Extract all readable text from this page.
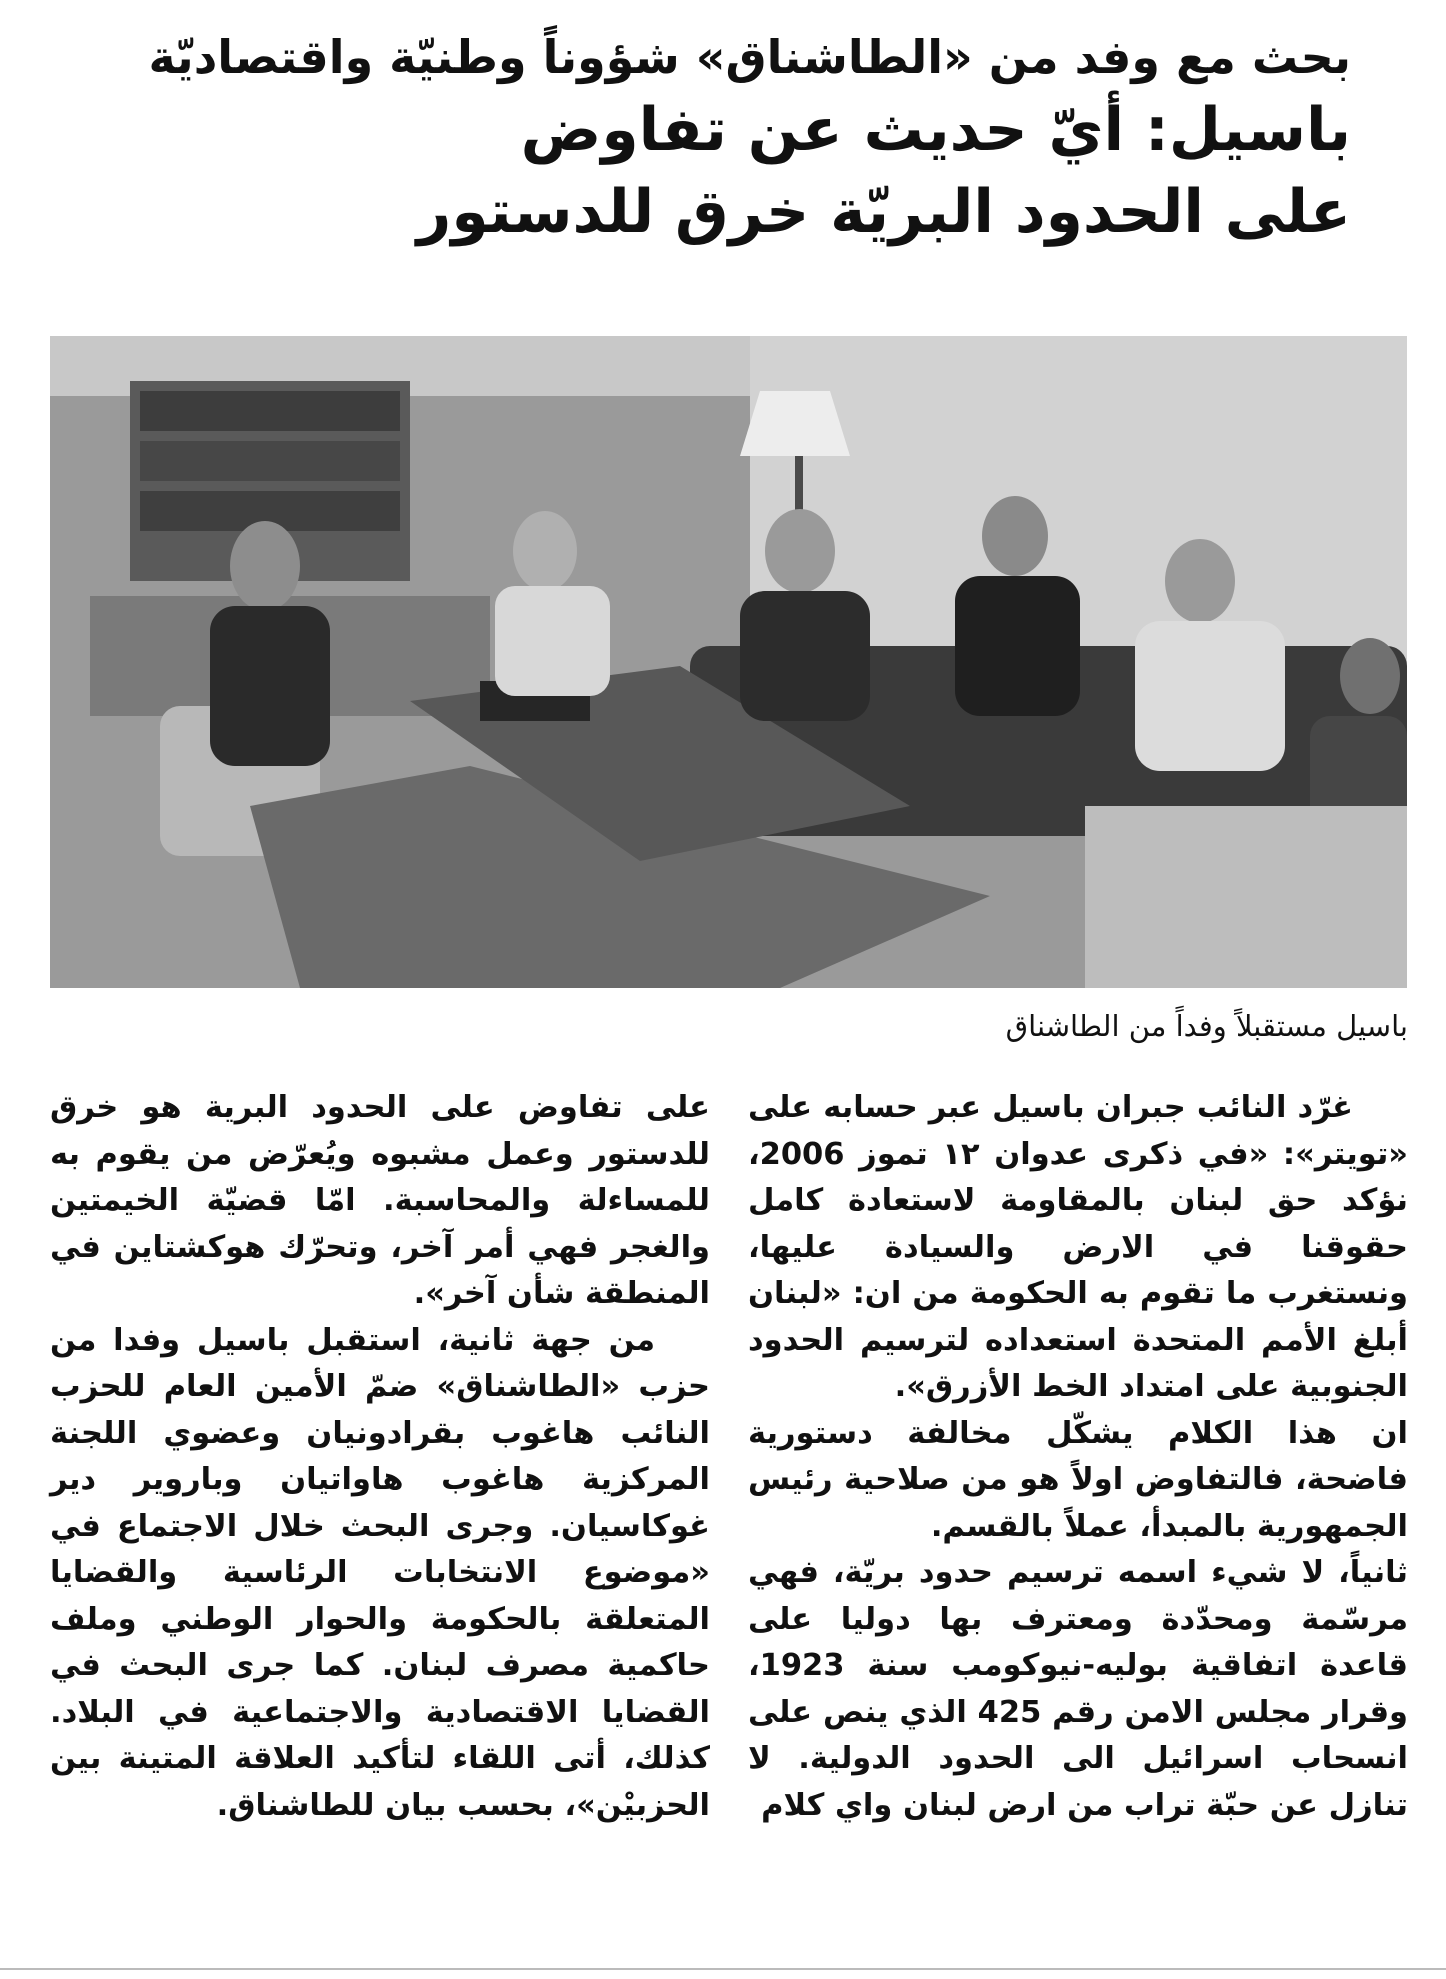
بحث مع وفد من «الطاشناق» شؤوناً وطنيّة واقتصاديّة
باسيل: أيّ حديث عن تفاوض
على الحدود البريّة خرق للدستور
باسيل مستقبلاً وفداً من الطاشناق

غرّد النائب جبران باسيل عبر حسابه على «تويتر»: «في ذكرى عدوان ١٢ تموز 2006، نؤكد حق لبنان بالمقاومة لاستعادة كامل حقوقنا في الارض والسيادة عليها، ونستغرب ما تقوم به الحكومة من ان: «لبنان أبلغ الأمم المتحدة استعداده لترسيم الحدود الجنوبية على امتداد الخط الأزرق».

ان هذا الكلام يشكّل مخالفة دستورية فاضحة، فالتفاوض اولاً هو من صلاحية رئيس الجمهورية بالمبدأ، عملاً بالقسم.

ثانياً، لا شيء اسمه ترسيم حدود بريّة، فهي مرسّمة ومحدّدة ومعترف بها دوليا على قاعدة اتفاقية بوليه-نيوكومب سنة 1923، وقرار مجلس الامن رقم 425 الذي ينص على انسحاب اسرائيل الى الحدود الدولية. لا تنازل عن حبّة تراب من ارض لبنان واي كلام

على تفاوض على الحدود البرية هو خرق للدستور وعمل مشبوه ويُعرّض من يقوم به للمساءلة والمحاسبة. امّا قضيّة الخيمتين والغجر فهي أمر آخر، وتحرّك هوكشتاين في المنطقة شأن آخر».

من جهة ثانية، استقبل باسيل وفدا من حزب «الطاشناق» ضمّ الأمين العام للحزب النائب هاغوب بقرادونيان وعضوي اللجنة المركزية هاغوب هاواتيان وباروير دير غوكاسيان. وجرى البحث خلال الاجتماع في «موضوع الانتخابات الرئاسية والقضايا المتعلقة بالحكومة والحوار الوطني وملف حاكمية مصرف لبنان. كما جرى البحث في القضايا الاقتصادية والاجتماعية في البلاد. كذلك، أتى اللقاء لتأكيد العلاقة المتينة بين الحزبيْن»، بحسب بيان للطاشناق.
